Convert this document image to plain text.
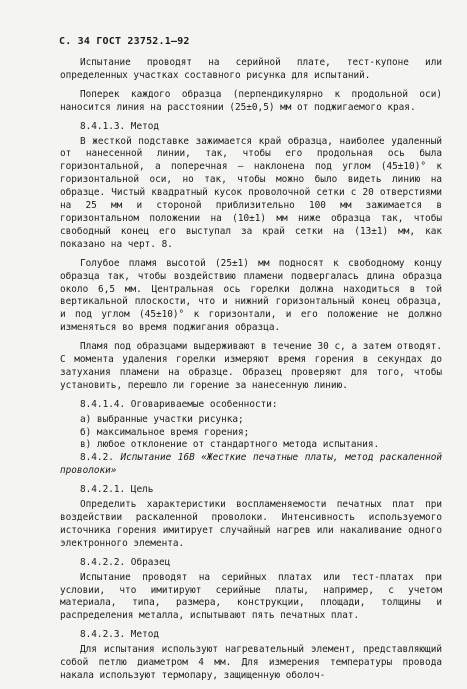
С. 34 ГОСТ 23752.1—92
Испытание проводят на серийной плате, тест-купоне или определенных участках составного рисунка для испытаний.
Поперек каждого образца (перпендикулярно к продольной оси) наносится линия на расстоянии (25±0,5) мм от поджигаемого края.
8.4.1.3. Метод
В жесткой подставке зажимается край образца, наиболее удаленный от нанесенной линии, так, чтобы его продольная ось была горизонтальной, а поперечная — наклонена под углом (45±10)° к горизонтальной оси, но так, чтобы можно было видеть линию на образце. Чистый квадратный кусок проволочной сетки с 20 отверстиями на 25 мм и стороной приблизительно 100 мм зажимается в горизонтальном положении на (10±1) мм ниже образца так, чтобы свободный конец его выступал за край сетки на (13±1) мм, как показано на черт. 8.
Голубое пламя высотой (25±1) мм подносят к свободному концу образца так, чтобы воздействию пламени подвергалась длина образца около 6,5 мм. Центральная ось горелки должна находиться в той вертикальной плоскости, что и нижний горизонтальный конец образца, и под углом (45±10)° к горизонтали, и его положение не должно изменяться во время поджигания образца.
Пламя под образцами выдерживают в течение 30 с, а затем отводят. С момента удаления горелки измеряют время горения в секундах до затухания пламени на образце. Образец проверяют для того, чтобы установить, перешло ли горение за нанесенную линию.
8.4.1.4. Оговариваемые особенности:
а) выбранные участки рисунка;
б) максимальное время горения;
в) любое отклонение от стандартного метода испытания.
8.4.2. Испытание 16В «Жесткие печатные платы, метод раскаленной проволоки»
8.4.2.1. Цель
Определить характеристики воспламеняемости печатных плат при воздействии раскаленной проволоки. Интенсивность используемого источника горения имитирует случайный нагрев или накаливание одного электронного элемента.
8.4.2.2. Образец
Испытание проводят на серийных платах или тест-платах при условии, что имитируют серийные платы, например, с учетом материала, типа, размера, конструкции, площади, толщины и распределения металла, испытывают пять печатных плат.
8.4.2.3. Метод
Для испытания используют нагревательный элемент, представляющий собой петлю диаметром 4 мм. Для измерения температуры провода накала используют термопару, защищенную оболоч-
